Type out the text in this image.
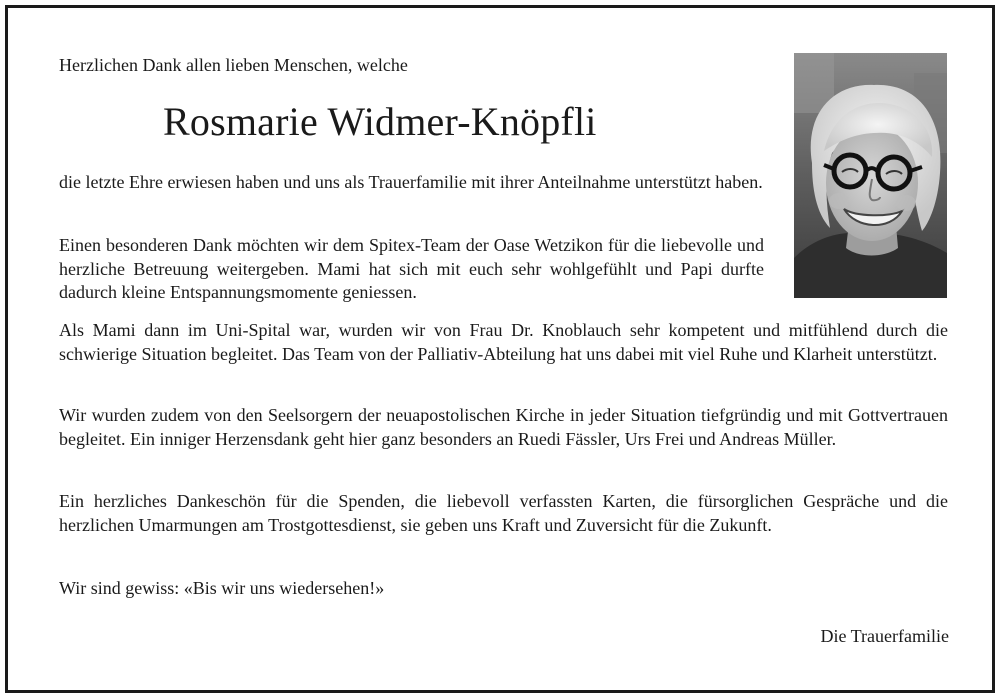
Herzlichen Dank allen lieben Menschen, welche

Rosmarie Widmer-Knöpfli

die letzte Ehre erwiesen haben und uns als Trauerfamilie mit ihrer Anteilnahme unterstützt haben.

Einen besonderen Dank möchten wir dem Spitex-Team der Oase Wetzikon für die liebevolle und herzliche Betreuung weitergeben. Mami hat sich mit euch sehr wohlgefühlt und Papi durfte dadurch kleine Entspannungsmomente geniessen.

Als Mami dann im Uni-Spital war, wurden wir von Frau Dr. Knoblauch sehr kompetent und mitfühlend durch die schwierige Situation begleitet. Das Team von der Palliativ-Abteilung hat uns dabei mit viel Ruhe und Klarheit unterstützt.

Wir wurden zudem von den Seelsorgern der neuapostolischen Kirche in jeder Situation tiefgründig und mit Gottvertrauen begleitet. Ein inniger Herzensdank geht hier ganz besonders an Ruedi Fässler, Urs Frei und Andreas Müller.

Ein herzliches Dankeschön für die Spenden, die liebevoll verfassten Karten, die fürsorglichen Gespräche und die herzlichen Umarmungen am Trostgottesdienst, sie geben uns Kraft und Zuversicht für die Zukunft.

Wir sind gewiss: «Bis wir uns wiedersehen!»

Die Trauerfamilie
